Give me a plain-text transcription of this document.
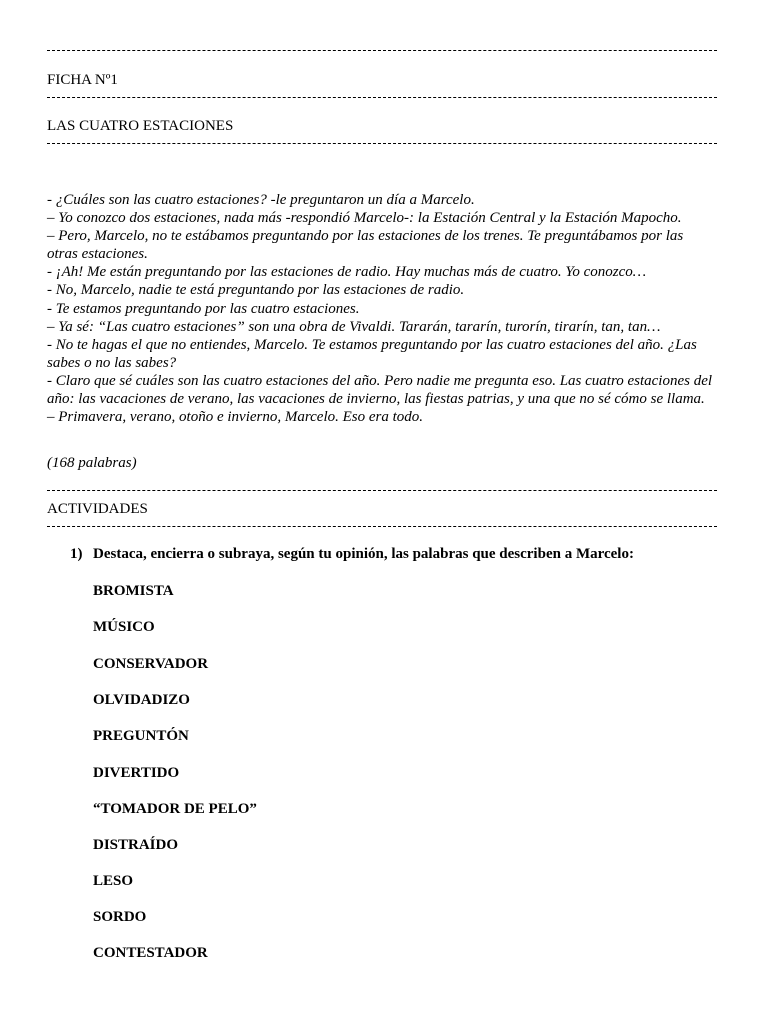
FICHA Nº1
LAS CUATRO ESTACIONES

- ¿Cuáles son las cuatro estaciones? -le preguntaron un día a Marcelo.

– Yo conozco dos estaciones, nada más -respondió Marcelo-: la Estación Central y la Estación Mapocho.

– Pero, Marcelo, no te estábamos preguntando por las estaciones de los trenes. Te preguntábamos por las otras estaciones.

- ¡Ah! Me están preguntando por las estaciones de radio. Hay muchas más de cuatro. Yo conozco…

- No, Marcelo, nadie te está preguntando por las estaciones de radio.

- Te estamos preguntando por las cuatro estaciones.

– Ya sé: “Las cuatro estaciones” son una obra de Vivaldi. Tararán, tararín, turorín, tirarín, tan, tan…

- No te hagas el que no entiendes, Marcelo. Te estamos preguntando por las cuatro estaciones del año. ¿Las sabes o no las sabes?

- Claro que sé cuáles son las cuatro estaciones del año. Pero nadie me pregunta eso. Las cuatro estaciones del año: las vacaciones de verano, las vacaciones de invierno, las fiestas patrias, y una que no sé cómo se llama.

– Primavera, verano, otoño e invierno, Marcelo. Eso era todo.

(168 palabras)
ACTIVIDADES
1) Destaca, encierra o subraya, según tu opinión, las palabras que describen a Marcelo:
BROMISTA
MÚSICO
CONSERVADOR
OLVIDADIZO
PREGUNTÓN
DIVERTIDO
“TOMADOR DE PELO”
DISTRAÍDO
LESO
SORDO
CONTESTADOR
